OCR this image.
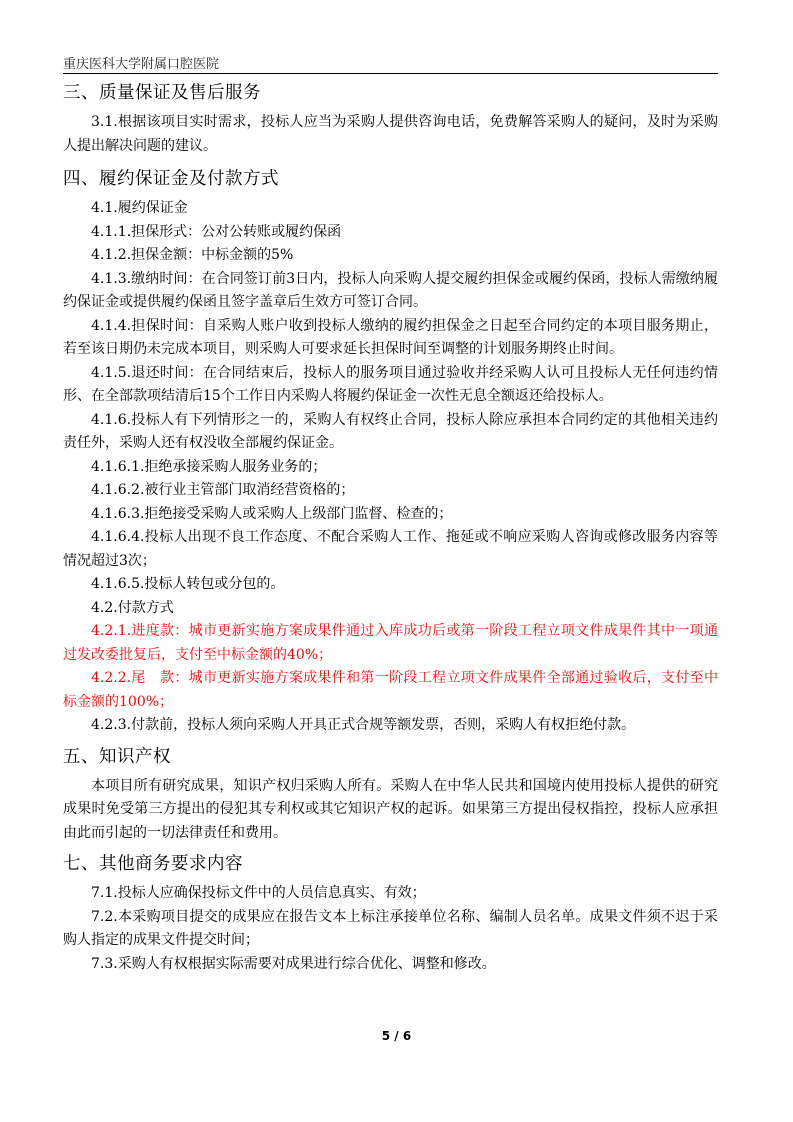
重庆医科大学附属口腔医院
三、质量保证及售后服务

3.1.根据该项目实时需求，投标人应当为采购人提供咨询电话，免费解答采购人的疑问，及时为采购人提出解决问题的建议。

四、履约保证金及付款方式

4.1.履约保证金

4.1.1.担保形式：公对公转账或履约保函

4.1.2.担保金额：中标金额的5%

4.1.3.缴纳时间：在合同签订前3日内，投标人向采购人提交履约担保金或履约保函，投标人需缴纳履约保证金或提供履约保函且签字盖章后生效方可签订合同。

4.1.4.担保时间：自采购人账户收到投标人缴纳的履约担保金之日起至合同约定的本项目服务期止，若至该日期仍未完成本项目，则采购人可要求延长担保时间至调整的计划服务期终止时间。

4.1.5.退还时间：在合同结束后，投标人的服务项目通过验收并经采购人认可且投标人无任何违约情形、在全部款项结清后15个工作日内采购人将履约保证金一次性无息全额返还给投标人。

4.1.6.投标人有下列情形之一的，采购人有权终止合同，投标人除应承担本合同约定的其他相关违约责任外，采购人还有权没收全部履约保证金。

4.1.6.1.拒绝承接采购人服务业务的；

4.1.6.2.被行业主管部门取消经营资格的；

4.1.6.3.拒绝接受采购人或采购人上级部门监督、检查的；

4.1.6.4.投标人出现不良工作态度、不配合采购人工作、拖延或不响应采购人咨询或修改服务内容等情况超过3次；

4.1.6.5.投标人转包或分包的。

4.2.付款方式

4.2.1.进度款：城市更新实施方案成果件通过入库成功后或第一阶段工程立项文件成果件其中一项通过发改委批复后，支付至中标金额的40%；

4.2.2.尾　款：城市更新实施方案成果件和第一阶段工程立项文件成果件全部通过验收后，支付至中标金额的100%；

4.2.3.付款前，投标人须向采购人开具正式合规等额发票，否则，采购人有权拒绝付款。

五、知识产权

本项目所有研究成果，知识产权归采购人所有。采购人在中华人民共和国境内使用投标人提供的研究成果时免受第三方提出的侵犯其专利权或其它知识产权的起诉。如果第三方提出侵权指控，投标人应承担由此而引起的一切法律责任和费用。

七、其他商务要求内容

7.1.投标人应确保投标文件中的人员信息真实、有效；

7.2.本采购项目提交的成果应在报告文本上标注承接单位名称、编制人员名单。成果文件须不迟于采购人指定的成果文件提交时间；

7.3.采购人有权根据实际需要对成果进行综合优化、调整和修改。

5 / 6
